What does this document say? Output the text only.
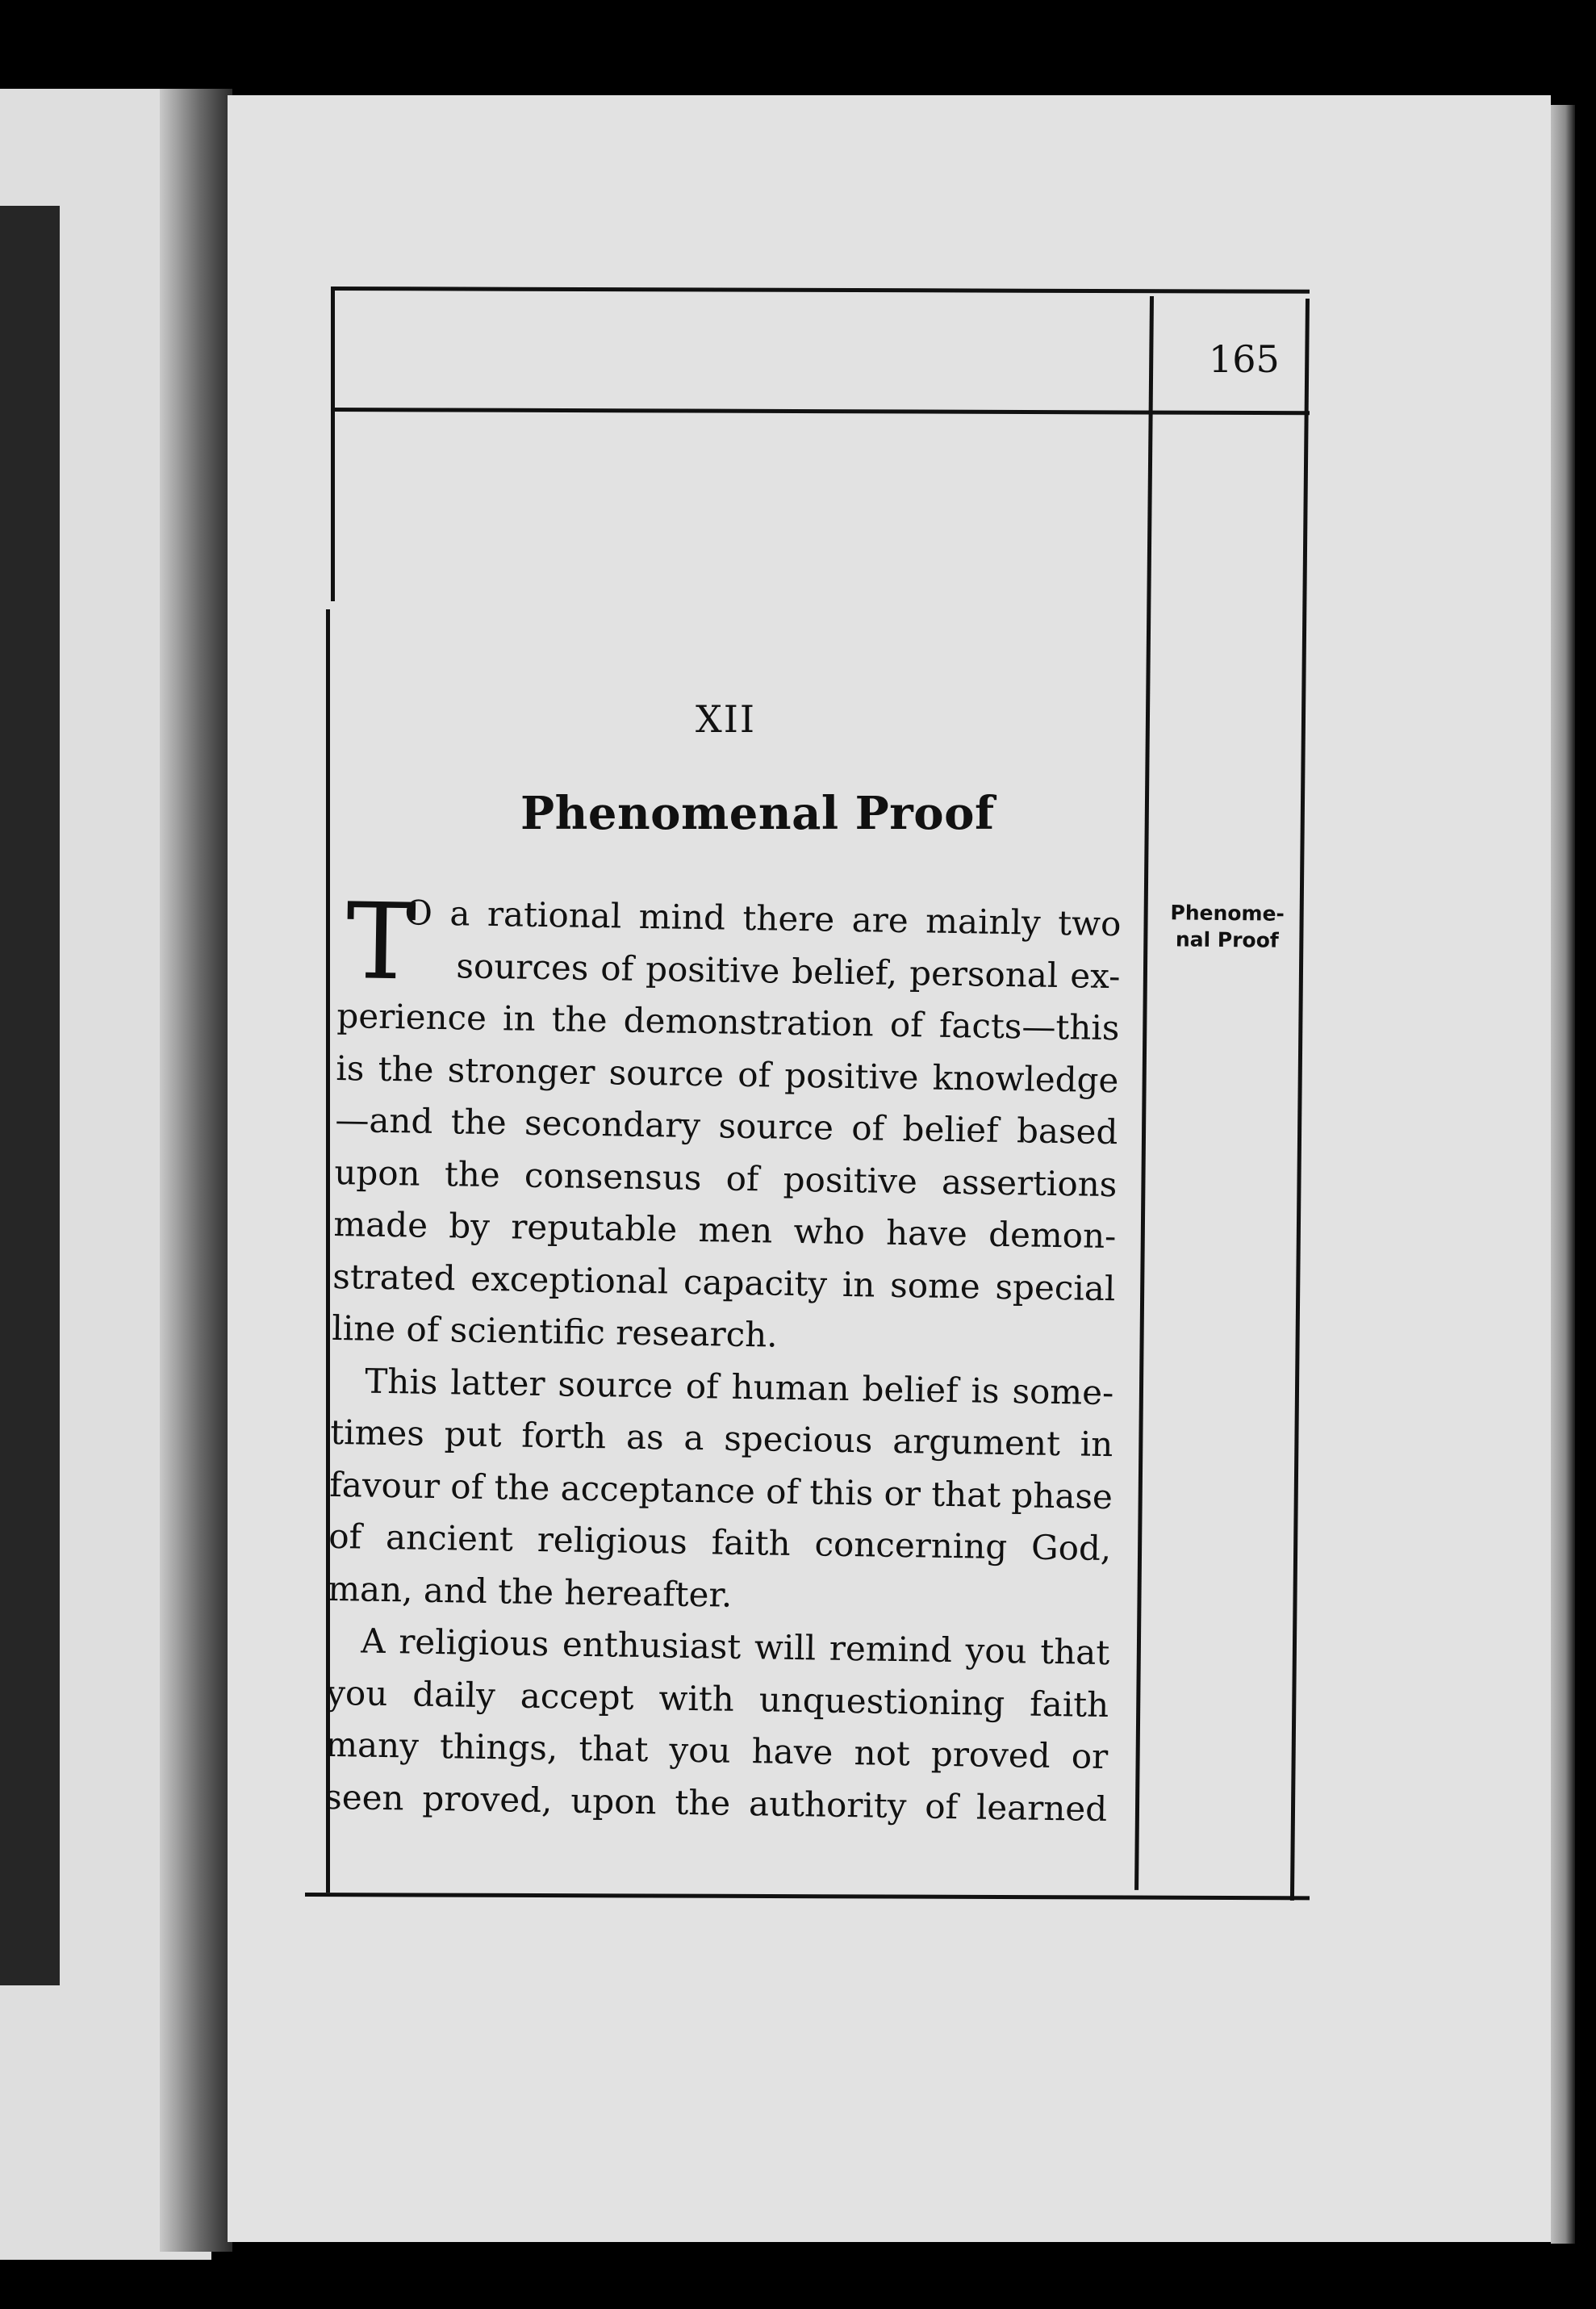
165
XII
Phenomenal Proof
Phenome-
nal Proof
T
O a rational mind there are mainly two
sources of positive belief, personal ex-
perience in the demonstration of facts—this
is the stronger source of positive knowledge
—and the secondary source of belief based
upon the consensus of positive assertions
made by reputable men who have demon-
strated exceptional capacity in some special
line of scientific research.
This latter source of human belief is some-
times put forth as a specious argument in
favour of the acceptance of this or that phase
of ancient religious faith concerning God,
man, and the hereafter.
A religious enthusiast will remind you that
you daily accept with unquestioning faith
many things, that you have not proved or
seen proved, upon the authority of learned
